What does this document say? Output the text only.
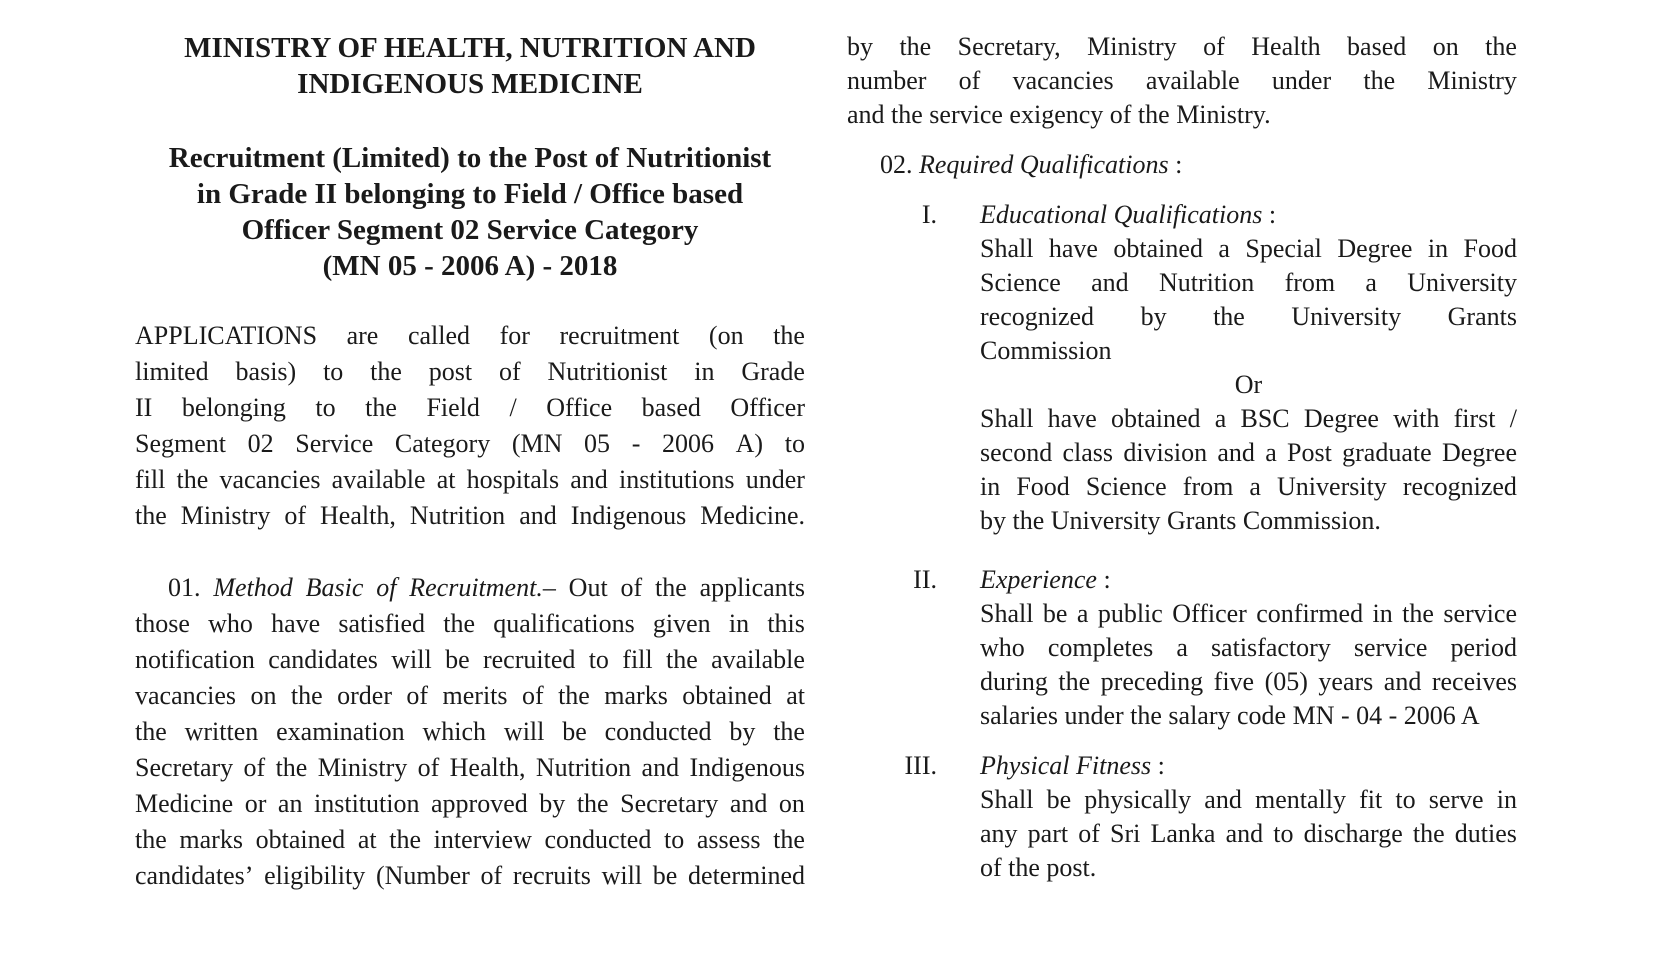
MINISTRY OF HEALTH, NUTRITION AND
INDIGENOUS MEDICINE
Recruitment (Limited) to the Post of Nutritionist
in Grade II belonging to Field / Office based
Officer Segment 02 Service Category
(MN 05 - 2006 A) - 2018
APPLICATIONS are called for recruitment (on the
limited basis) to the post of Nutritionist in Grade
II belonging to the Field / Office based Officer
Segment 02 Service Category (MN 05 - 2006 A) to
fill the vacancies available at hospitals and institutions under
the Ministry of Health, Nutrition and Indigenous Medicine.
01. Method Basic of Recruitment.– Out of the applicants
those who have satisfied the qualifications given in this
notification candidates will be recruited to fill the available
vacancies on the order of merits of the marks obtained at
the written examination which will be conducted by the
Secretary of the Ministry of Health, Nutrition and Indigenous
Medicine or an institution approved by the Secretary and on
the marks obtained at the interview conducted to assess the
candidates’ eligibility (Number of recruits will be determined
by the Secretary, Ministry of Health based on the
number of vacancies available under the Ministry
and the service exigency of the Ministry.
02. Required Qualifications :
I. Educational Qualifications :
Shall have obtained a Special Degree in Food
Science and Nutrition from a University
recognized by the University Grants
Commission
Or
Shall have obtained a BSC Degree with first /
second class division and a Post graduate Degree
in Food Science from a University recognized
by the University Grants Commission.
II. Experience :
Shall be a public Officer confirmed in the service
who completes a satisfactory service period
during the preceding five (05) years and receives
salaries under the salary code MN - 04 - 2006 A
III. Physical Fitness :
Shall be physically and mentally fit to serve in
any part of Sri Lanka and to discharge the duties
of the post.
